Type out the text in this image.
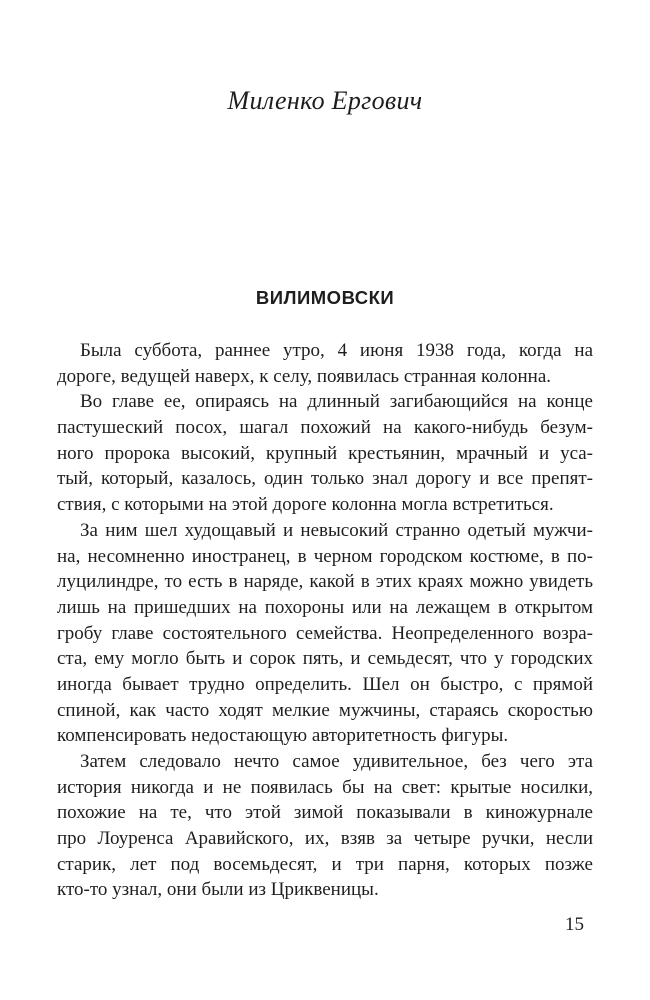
Миленко Ергович
ВИЛИМОВСКИ
Была суббота, раннее утро, 4 июня 1938 года, когда на
дороге, ведущей наверх, к селу, появилась странная колонна.
Во главе ее, опираясь на длинный загибающийся на конце
пастушеский посох, шагал похожий на какого-нибудь безум-
ного пророка высокий, крупный крестьянин, мрачный и уса-
тый, который, казалось, один только знал дорогу и все препят-
ствия, с которыми на этой дороге колонна могла встретиться.
За ним шел худощавый и невысокий странно одетый мужчи-
на, несомненно иностранец, в черном городском костюме, в по-
луцилиндре, то есть в наряде, какой в этих краях можно увидеть
лишь на пришедших на похороны или на лежащем в открытом
гробу главе состоятельного семейства. Неопределенного возра-
ста, ему могло быть и сорок пять, и семьдесят, что у городских
иногда бывает трудно определить. Шел он быстро, с прямой
спиной, как часто ходят мелкие мужчины, стараясь скоростью
компенсировать недостающую авторитетность фигуры.
Затем следовало нечто самое удивительное, без чего эта
история никогда и не появилась бы на свет: крытые носилки,
похожие на те, что этой зимой показывали в киножурнале
про Лоуренса Аравийского, их, взяв за четыре ручки, несли
старик, лет под восемьдесят, и три парня, которых позже
кто-то узнал, они были из Цриквеницы.
15
